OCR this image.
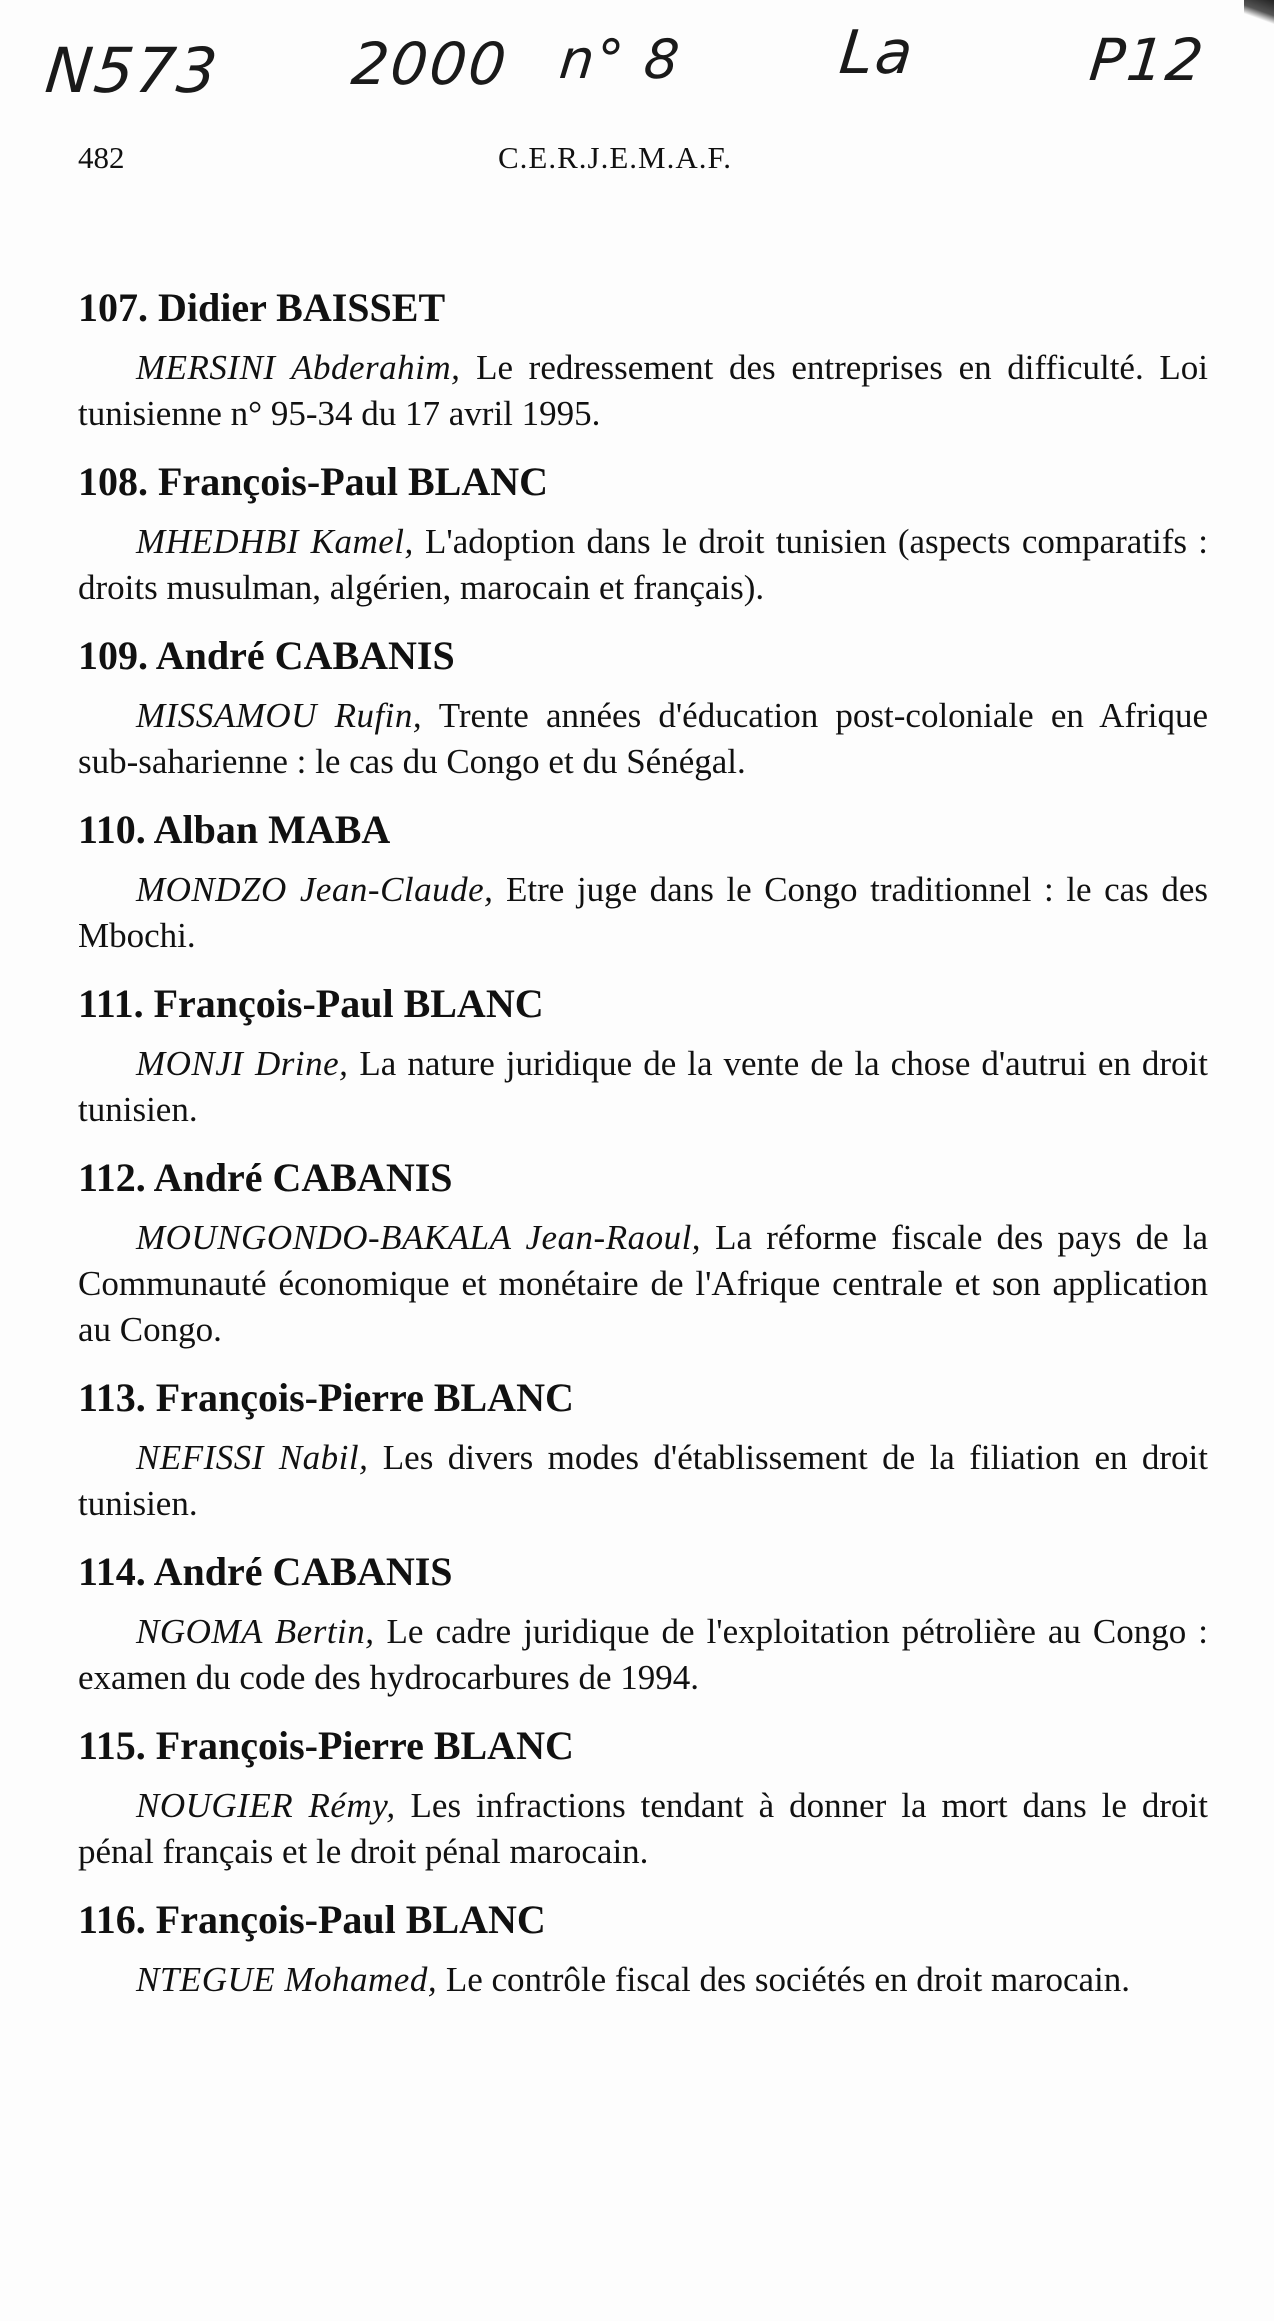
N573 2000 n° 8	La	P12
482	C.E.R.J.E.M.A.F.
107. Didier BAISSET

MERSINI Abderahim, Le redressement des entreprises en difficulté. Loi tunisienne n° 95-34 du 17 avril 1995.

108. François-Paul BLANC

MHEDHBI Kamel, L'adoption dans le droit tunisien (aspects comparatifs : droits musulman, algérien, marocain et français).

109. André CABANIS

MISSAMOU Rufin, Trente années d'éducation post-coloniale en Afrique sub-saharienne : le cas du Congo et du Sénégal.

110. Alban MABA

MONDZO Jean-Claude, Etre juge dans le Congo traditionnel : le cas des Mbochi.

111. François-Paul BLANC

MONJI Drine, La nature juridique de la vente de la chose d'autrui en droit tunisien.

112. André CABANIS

MOUNGONDO-BAKALA Jean-Raoul, La réforme fiscale des pays de la Communauté économique et monétaire de l'Afrique centrale et son application au Congo.

113. François-Pierre BLANC

NEFISSI Nabil, Les divers modes d'établissement de la filiation en droit tunisien.

114. André CABANIS

NGOMA Bertin, Le cadre juridique de l'exploitation pétrolière au Congo : examen du code des hydrocarbures de 1994.

115. François-Pierre BLANC

NOUGIER Rémy, Les infractions tendant à donner la mort dans le droit pénal français et le droit pénal marocain.

116. François-Paul BLANC

NTEGUE Mohamed, Le contrôle fiscal des sociétés en droit marocain.
